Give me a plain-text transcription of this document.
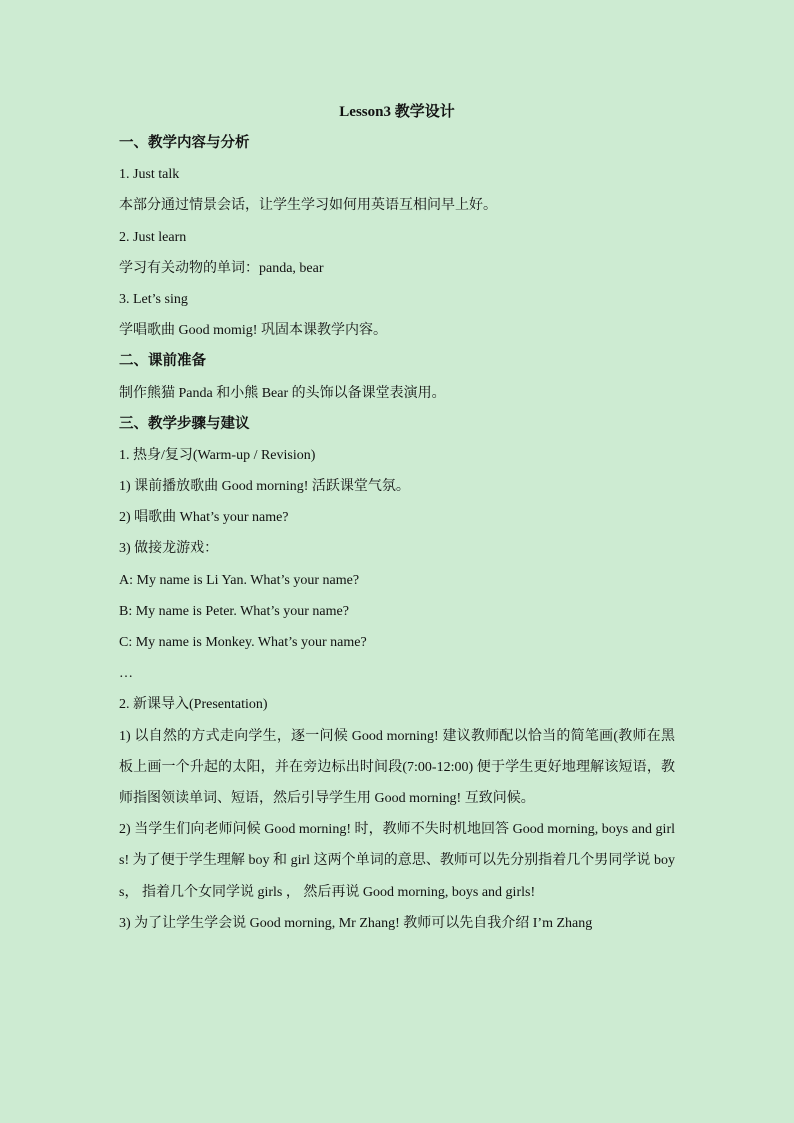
Lesson3 教学设计
一、教学内容与分析
1. Just talk
本部分通过情景会话，让学生学习如何用英语互相问早上好。
2. Just learn
学习有关动物的单词：panda, bear
3. Let’s sing
学唱歌曲 Good momig! 巩固本课教学内容。
二、课前准备
制作熊猫 Panda 和小熊 Bear 的头饰以备课堂表演用。
三、教学步骤与建议
1. 热身/复习(Warm-up / Revision)
1) 课前播放歌曲 Good morning! 活跃课堂气氛。
2) 唱歌曲 What’s your name?
3) 做接龙游戏：
A: My name is Li Yan. What’s your name?
B: My name is Peter. What’s your name?
C: My name is Monkey. What’s your name?
…
2. 新课导入(Presentation)
1) 以自然的方式走向学生，逐一问候 Good morning! 建议教师配以恰当的简笔画(教师在黑板上画一个升起的太阳，并在旁边标出时间段(7:00-12:00) 便于学生更好地理解该短语，教师指图领读单词、短语，然后引导学生用 Good morning! 互致问候。
2) 当学生们向老师问候 Good morning! 时，教师不失时机地回答 Good morning, boys and girls! 为了便于学生理解 boy 和 girl 这两个单词的意思、教师可以先分别指着几个男同学说 boys， 指着几个女同学说 girls ， 然后再说 Good morning, boys and girls!
3) 为了让学生学会说 Good morning, Mr Zhang! 教师可以先自我介绍 I’m Zhang
